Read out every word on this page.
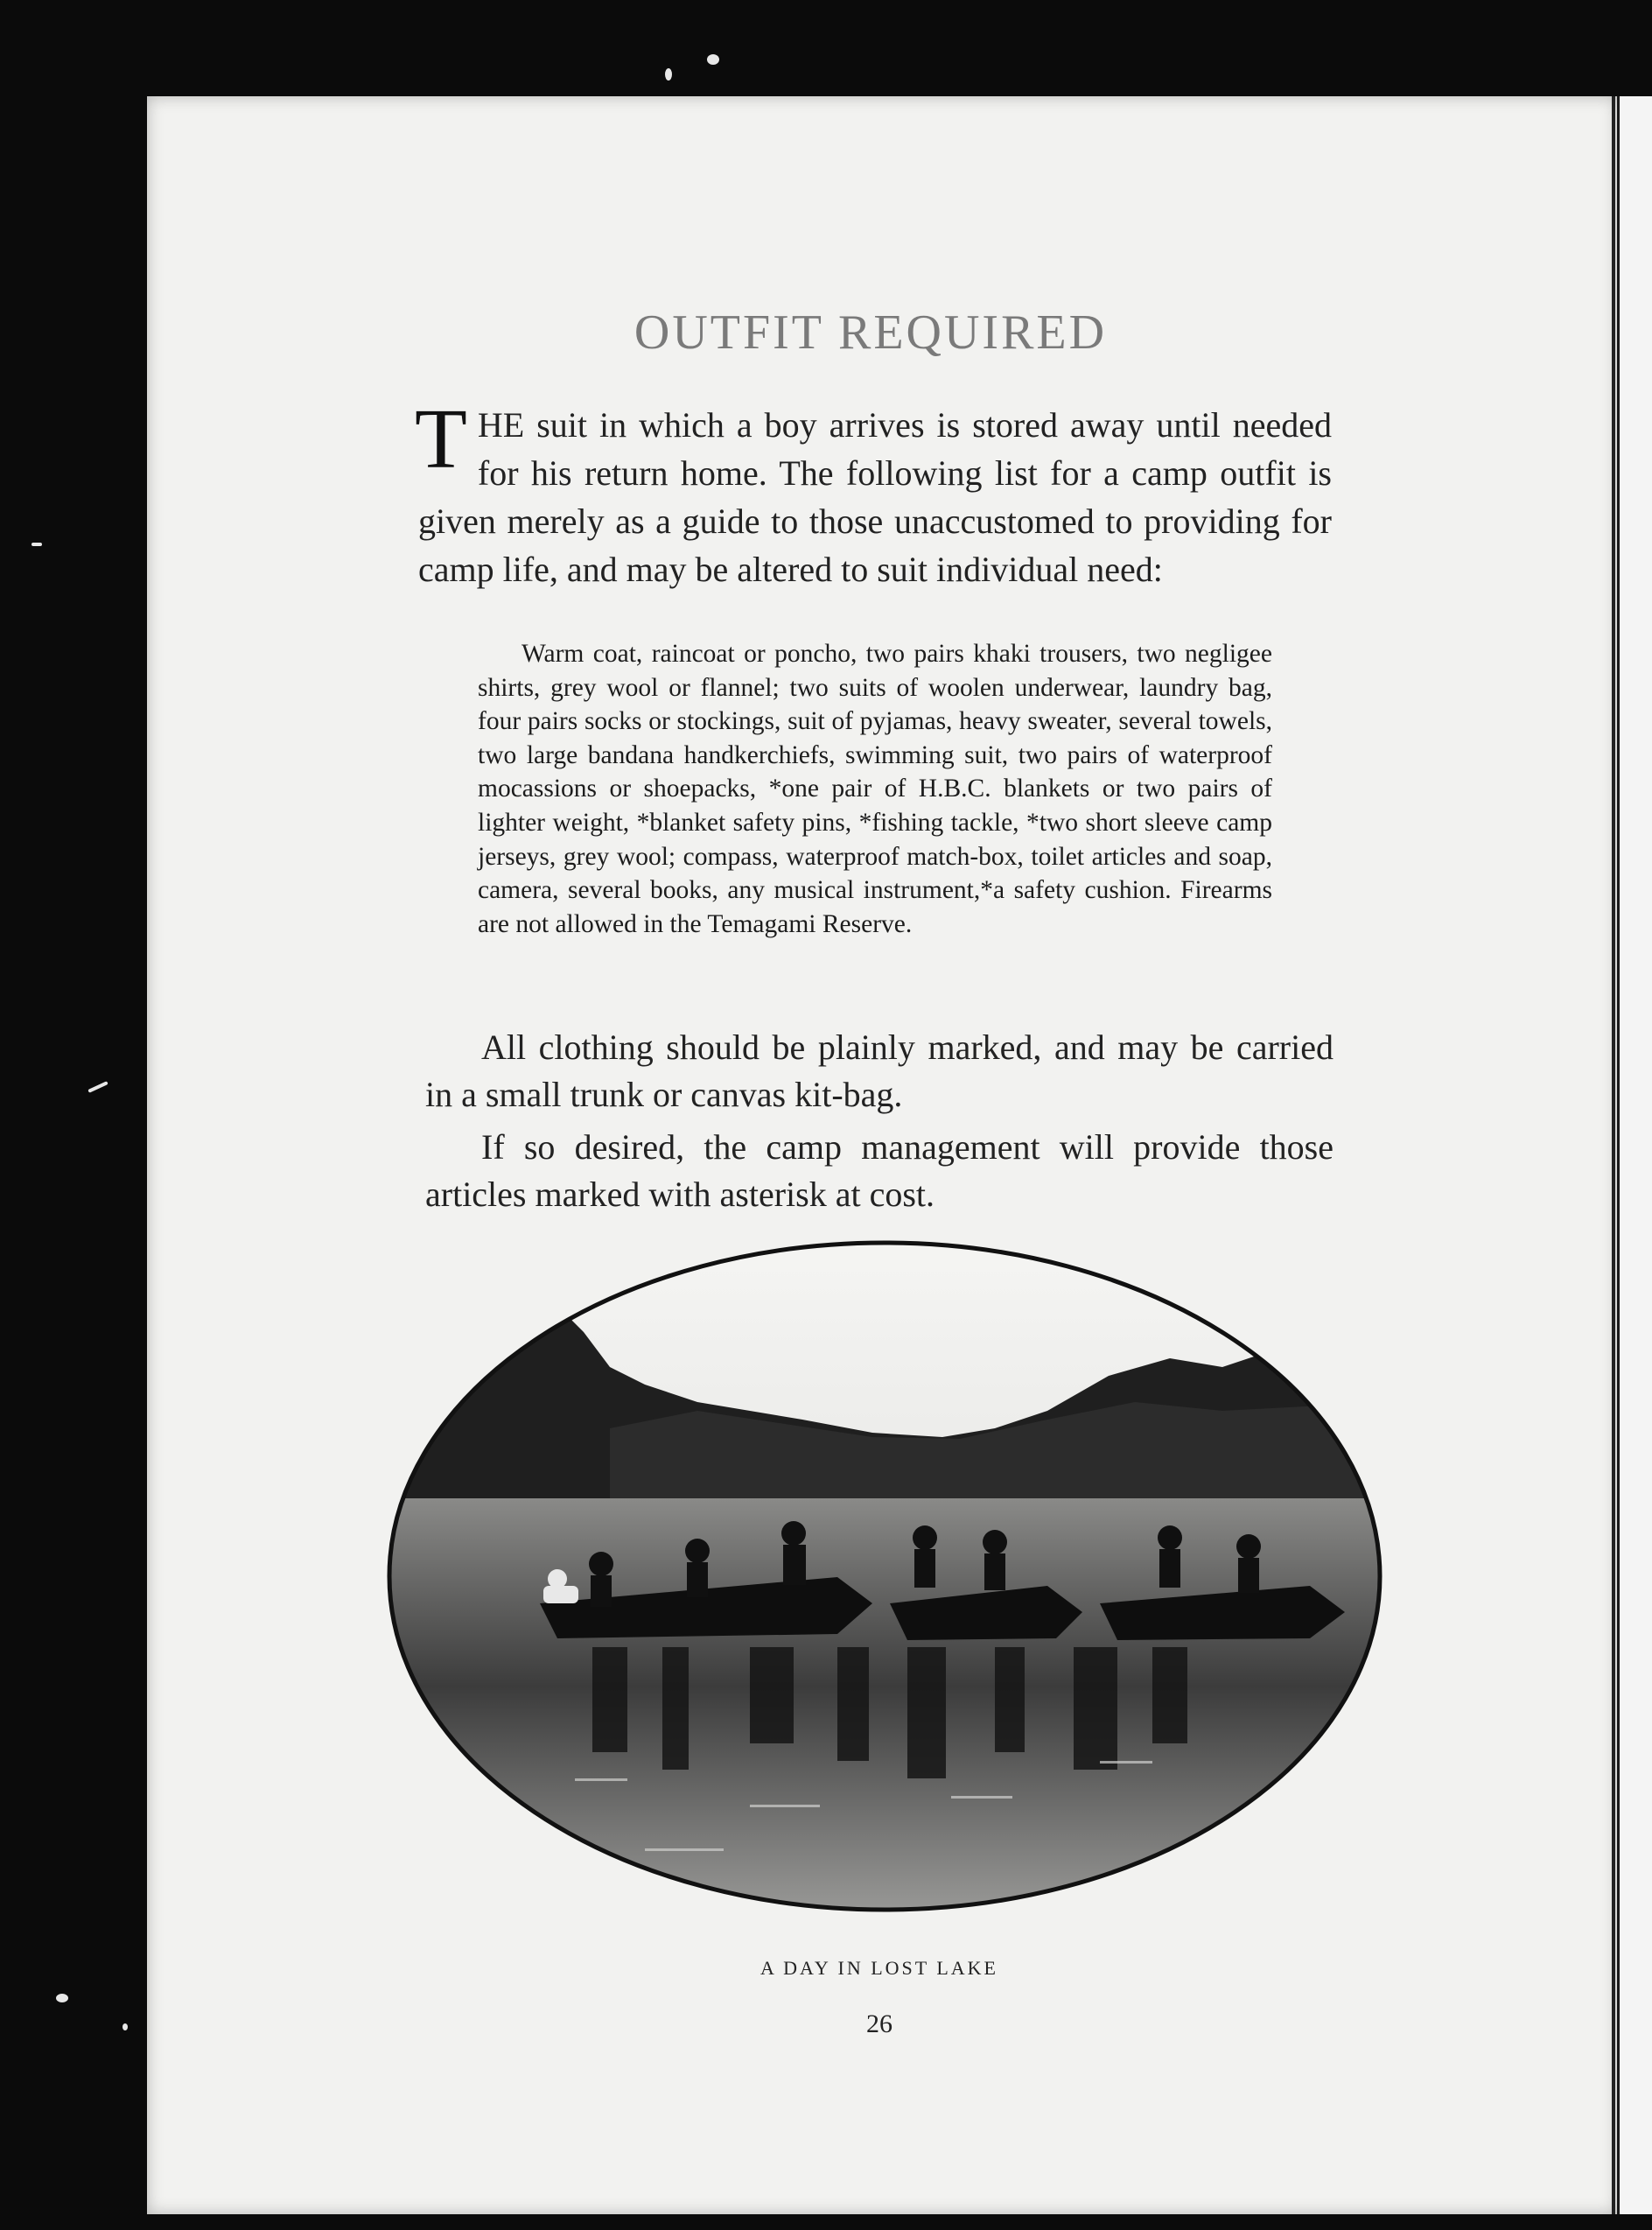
OUTFIT REQUIRED
THE suit in which a boy arrives is stored away until needed for his return home. The following list for a camp outfit is given merely as a guide to those unaccustomed to providing for camp life, and may be altered to suit individual need:
Warm coat, raincoat or poncho, two pairs khaki trousers, two negligee shirts, grey wool or flannel; two suits of woolen underwear, laundry bag, four pairs socks or stockings, suit of pyjamas, heavy sweater, several towels, two large bandana handkerchiefs, swimming suit, two pairs of waterproof mocassions or shoepacks, *one pair of H.B.C. blankets or two pairs of lighter weight, *blanket safety pins, *fishing tackle, *two short sleeve camp jerseys, grey wool; compass, waterproof match-box, toilet articles and soap, camera, several books, any musical instrument,*a safety cushion. Firearms are not allowed in the Temagami Reserve.
All clothing should be plainly marked, and may be carried in a small trunk or canvas kit-bag.
If so desired, the camp management will provide those articles marked with asterisk at cost.
A DAY IN LOST LAKE
26
